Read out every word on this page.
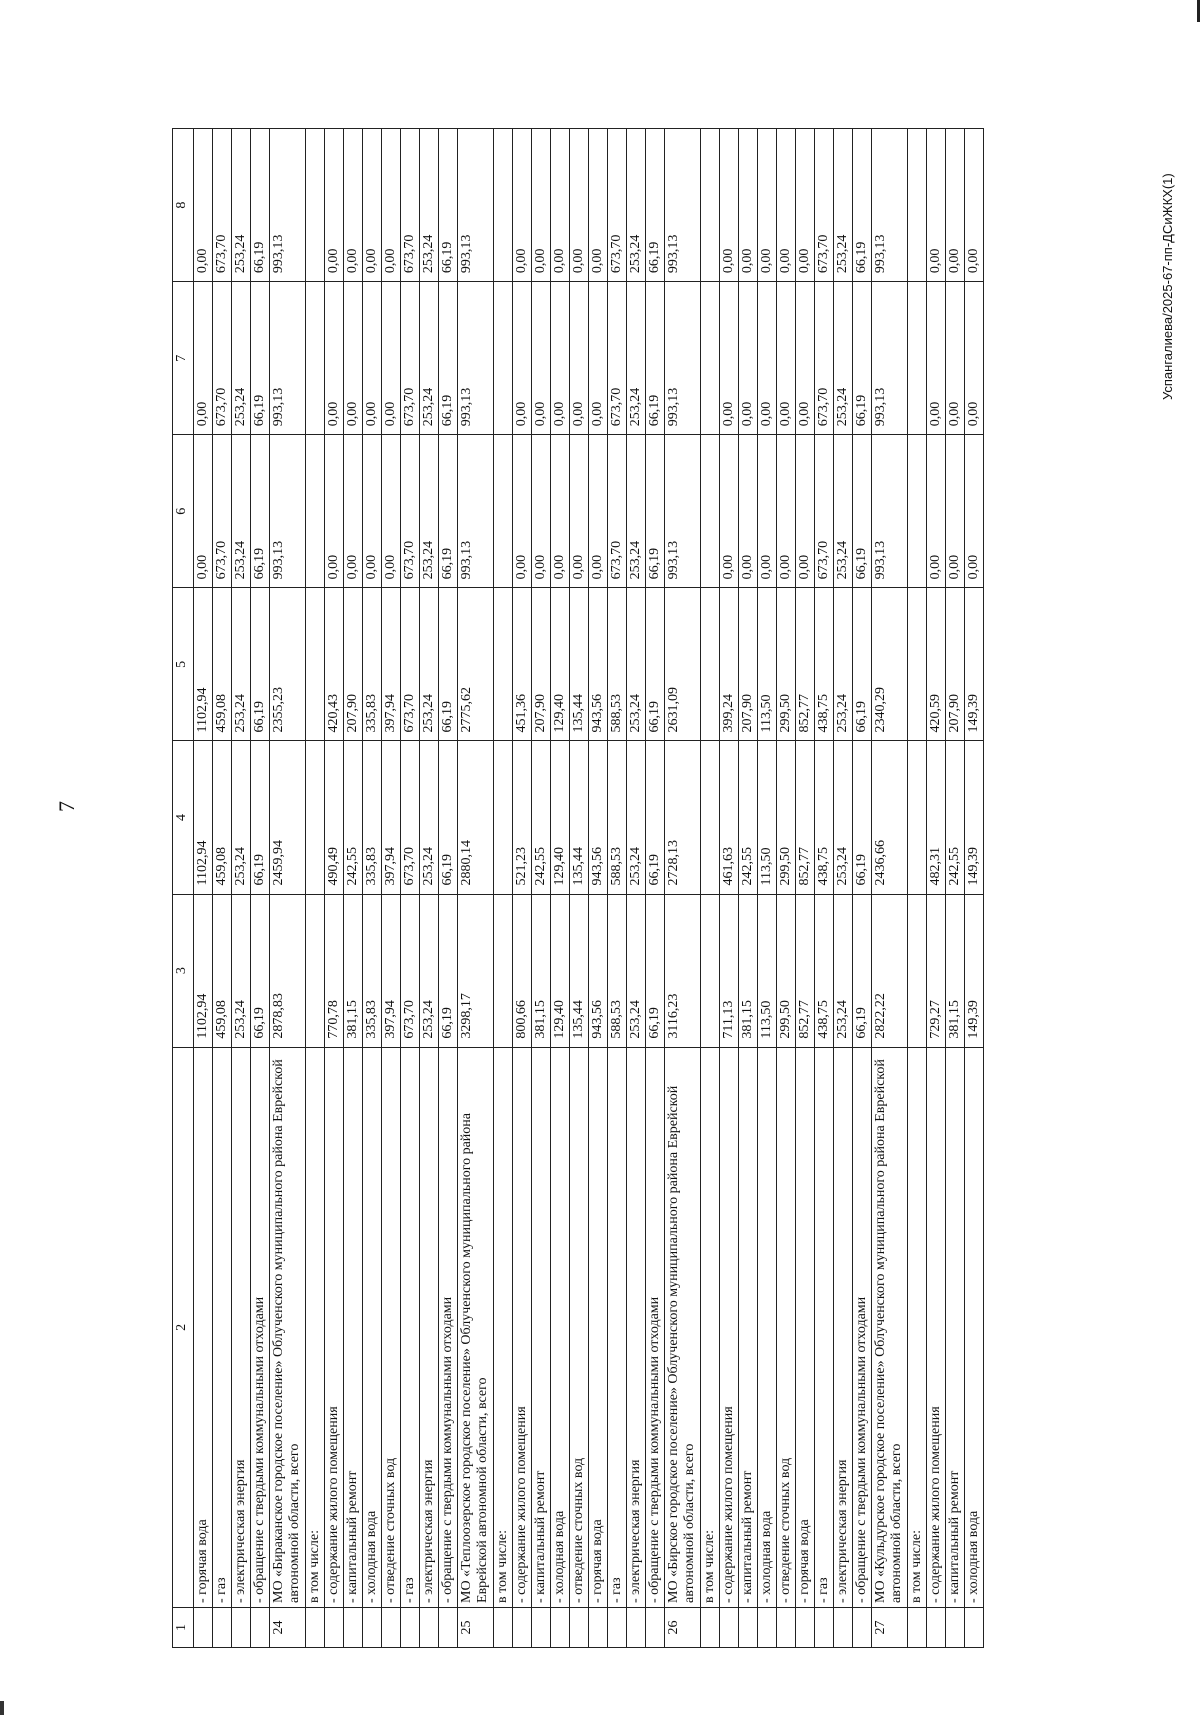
7
1	2	3	4	5	6	7	8
	- горячая вода	1102,94	1102,94	1102,94	0,00	0,00	0,00
	- газ	459,08	459,08	459,08	673,70	673,70	673,70
	- электрическая энергия	253,24	253,24	253,24	253,24	253,24	253,24
	- обращение с твердыми коммунальными отходами	66,19	66,19	66,19	66,19	66,19	66,19
24	МО «Бираканское городское поселение» Облученского муниципального района Еврейской автономной области, всего	2878,83	2459,94	2355,23	993,13	993,13	993,13
	в том числе:						
	- содержание жилого помещения	770,78	490,49	420,43	0,00	0,00	0,00
	- капитальный ремонт	381,15	242,55	207,90	0,00	0,00	0,00
	- холодная вода	335,83	335,83	335,83	0,00	0,00	0,00
	- отведение сточных вод	397,94	397,94	397,94	0,00	0,00	0,00
	- газ	673,70	673,70	673,70	673,70	673,70	673,70
	- электрическая энергия	253,24	253,24	253,24	253,24	253,24	253,24
	- обращение с твердыми коммунальными отходами	66,19	66,19	66,19	66,19	66,19	66,19
25	МО «Теплоозерское городское поселение» Облученского муниципального района Еврейской автономной области, всего	3298,17	2880,14	2775,62	993,13	993,13	993,13
	в том числе:						
	- содержание жилого помещения	800,66	521,23	451,36	0,00	0,00	0,00
	- капитальный ремонт	381,15	242,55	207,90	0,00	0,00	0,00
	- холодная вода	129,40	129,40	129,40	0,00	0,00	0,00
	- отведение сточных вод	135,44	135,44	135,44	0,00	0,00	0,00
	- горячая вода	943,56	943,56	943,56	0,00	0,00	0,00
	- газ	588,53	588,53	588,53	673,70	673,70	673,70
	- электрическая энергия	253,24	253,24	253,24	253,24	253,24	253,24
	- обращение с твердыми коммунальными отходами	66,19	66,19	66,19	66,19	66,19	66,19
26	МО «Бирское городское поселение» Облученского муниципального района Еврейской автономной области, всего	3116,23	2728,13	2631,09	993,13	993,13	993,13
	в том числе:						
	- содержание жилого помещения	711,13	461,63	399,24	0,00	0,00	0,00
	- капитальный ремонт	381,15	242,55	207,90	0,00	0,00	0,00
	- холодная вода	113,50	113,50	113,50	0,00	0,00	0,00
	- отведение сточных вод	299,50	299,50	299,50	0,00	0,00	0,00
	- горячая вода	852,77	852,77	852,77	0,00	0,00	0,00
	- газ	438,75	438,75	438,75	673,70	673,70	673,70
	- электрическая энергия	253,24	253,24	253,24	253,24	253,24	253,24
	- обращение с твердыми коммунальными отходами	66,19	66,19	66,19	66,19	66,19	66,19
27	МО «Кульдурское городское поселение» Облученского муниципального района Еврейской автономной области, всего	2822,22	2436,66	2340,29	993,13	993,13	993,13
	в том числе:						
	- содержание жилого помещения	729,27	482,31	420,59	0,00	0,00	0,00
	- капитальный ремонт	381,15	242,55	207,90	0,00	0,00	0,00
	- холодная вода	149,39	149,39	149,39	0,00	0,00	0,00	Успангалиева/2025-67-пп-ДСиЖКХ(1)
